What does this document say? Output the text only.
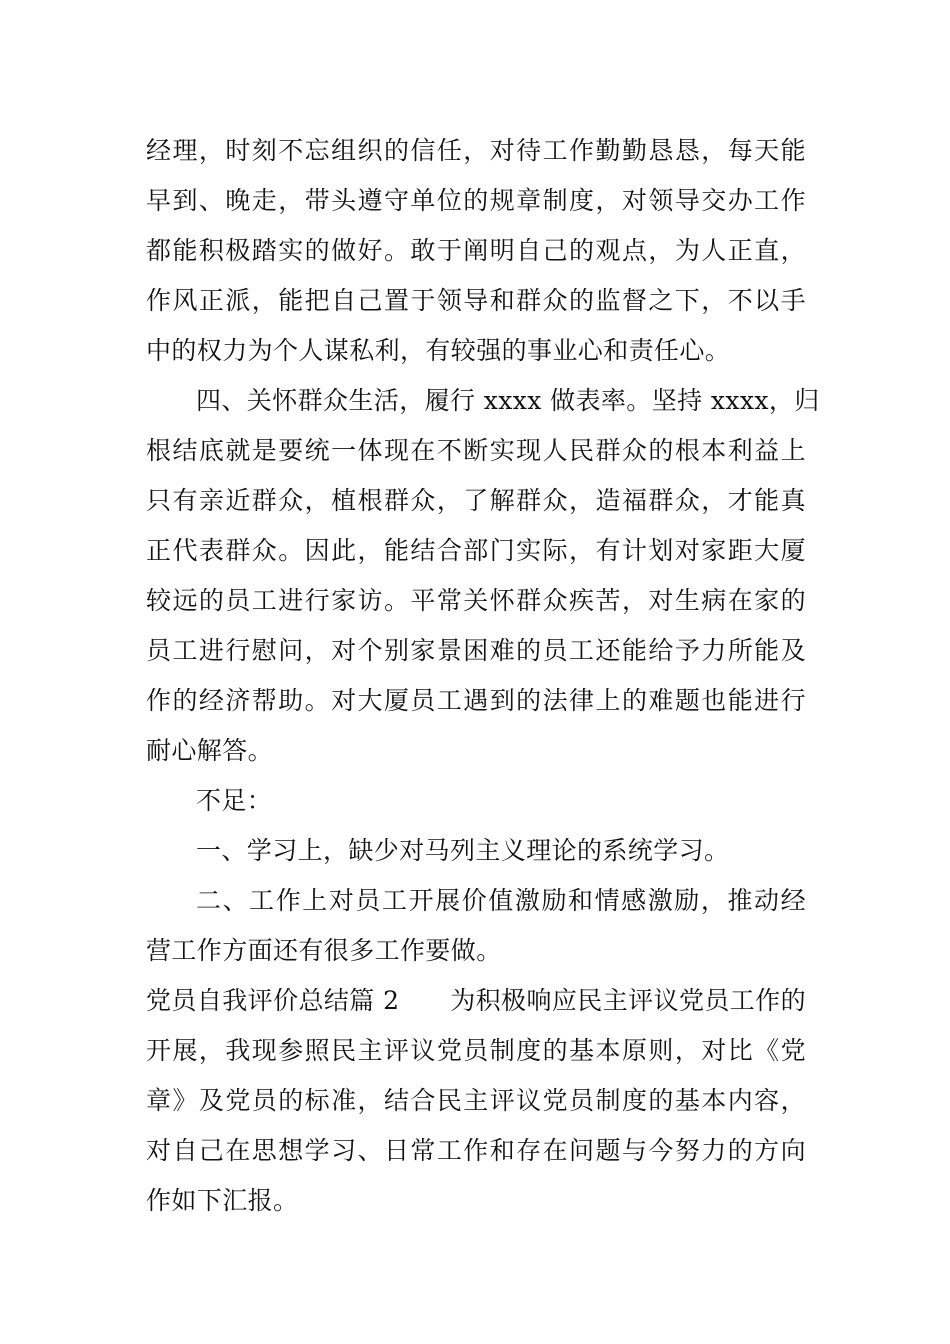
经理，时刻不忘组织的信任，对待工作勤勤恳恳，每天能
早到、晚走，带头遵守单位的规章制度，对领导交办工作
都能积极踏实的做好。敢于阐明自己的观点，为人正直，
作风正派，能把自己置于领导和群众的监督之下，不以手
中的权力为个人谋私利，有较强的事业心和责任心。
四、关怀群众生活，履行 xxxx 做表率。坚持 xxxx，归
根结底就是要统一体现在不断实现人民群众的根本利益上
只有亲近群众，植根群众，了解群众，造福群众，才能真
正代表群众。因此，能结合部门实际，有计划对家距大厦
较远的员工进行家访。平常关怀群众疾苦，对生病在家的
员工进行慰问，对个别家景困难的员工还能给予力所能及
作的经济帮助。对大厦员工遇到的法律上的难题也能进行
耐心解答。
不足：
一、学习上，缺少对马列主义理论的系统学习。
二、工作上对员工开展价值激励和情感激励，推动经
营工作方面还有很多工作要做。
党员自我评价总结篇 2　　为积极响应民主评议党员工作的
开展，我现参照民主评议党员制度的基本原则，对比《党
章》及党员的标准，结合民主评议党员制度的基本内容，
对自己在思想学习、日常工作和存在问题与今努力的方向
作如下汇报。
